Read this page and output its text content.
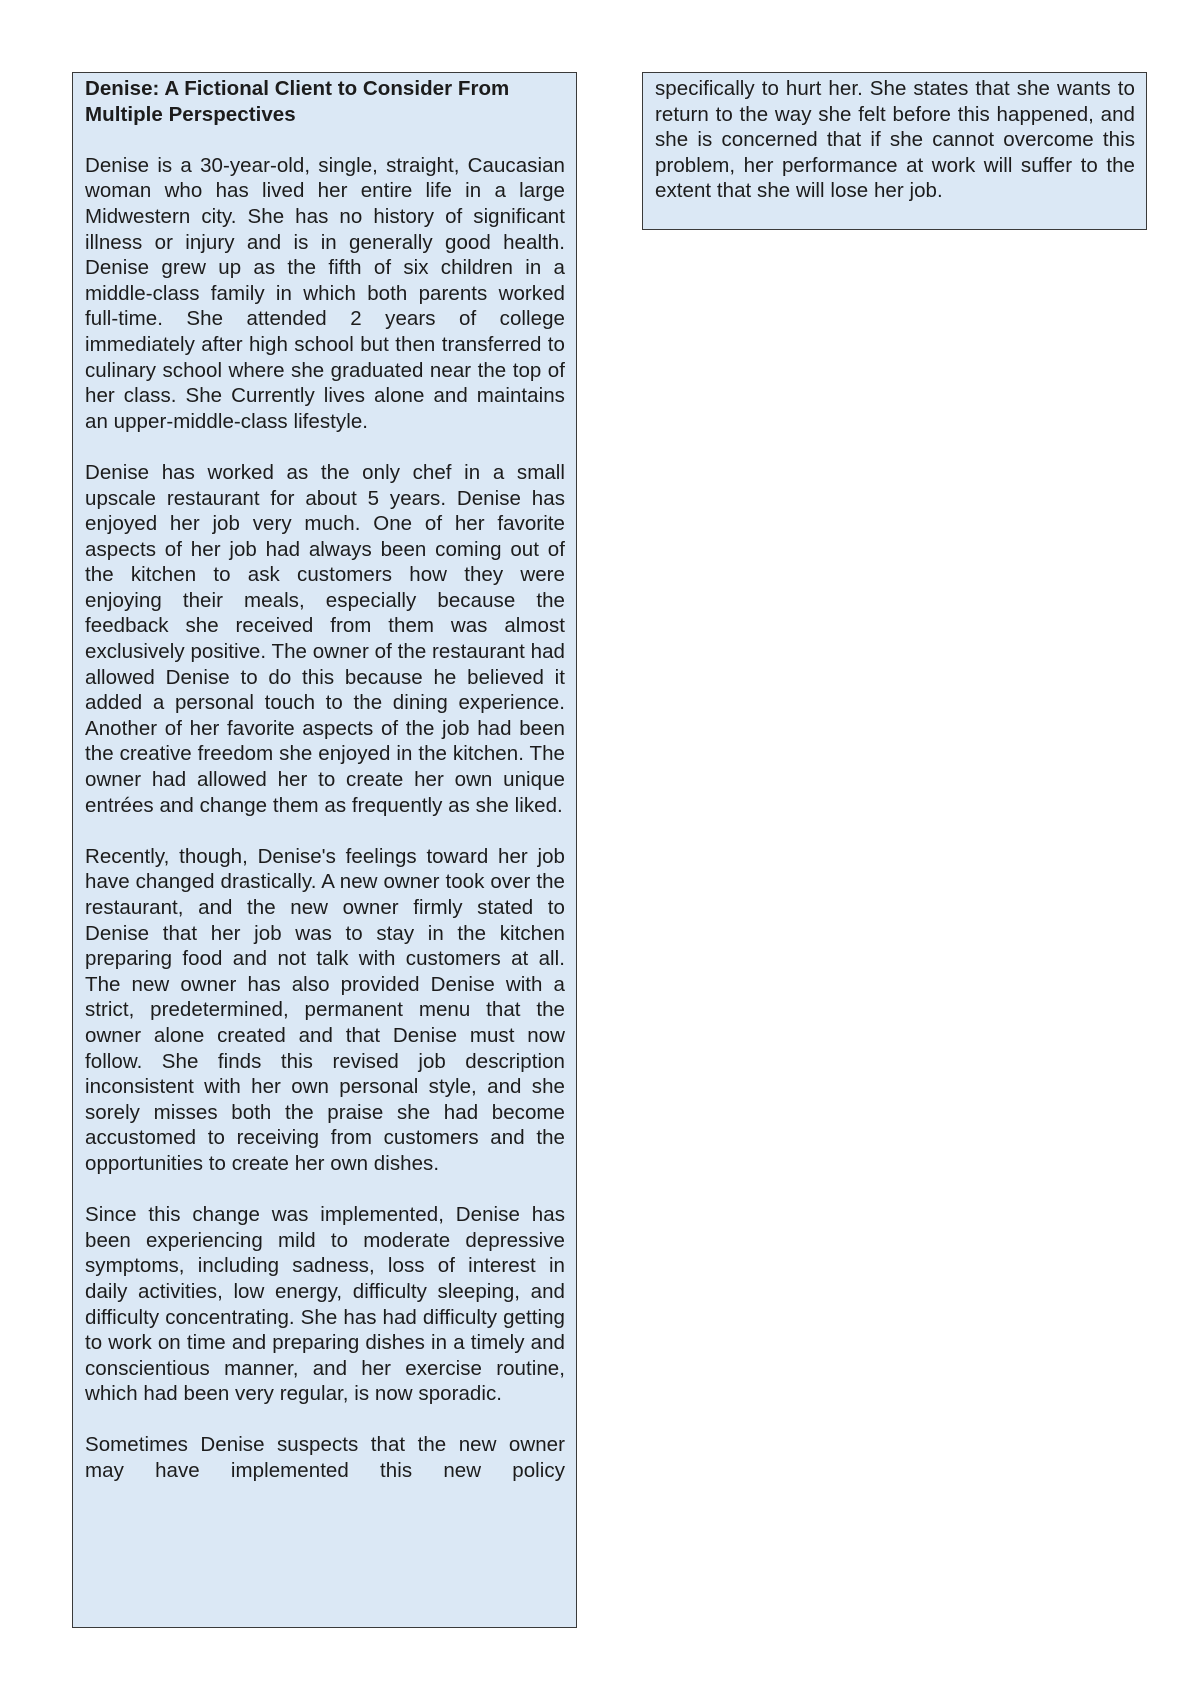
Denise: A Fictional Client to Consider From Multiple Perspectives
Denise is a 30-year-old, single, straight, Caucasian woman who has lived her entire life in a large Midwestern city. She has no history of significant illness or injury and is in generally good health. Denise grew up as the fifth of six children in a middle-class family in which both parents worked full-time. She attended 2 years of college immediately after high school but then transferred to culinary school where she graduated near the top of her class. She Currently lives alone and maintains an upper-middle-class lifestyle.
Denise has worked as the only chef in a small upscale restaurant for about 5 years. Denise has enjoyed her job very much. One of her favorite aspects of her job had always been coming out of the kitchen to ask customers how they were enjoying their meals, especially because the feedback she received from them was almost exclusively positive. The owner of the restaurant had allowed Denise to do this because he believed it added a personal touch to the dining experience. Another of her favorite aspects of the job had been the creative freedom she enjoyed in the kitchen. The owner had allowed her to create her own unique entrées and change them as frequently as she liked.
Recently, though, Denise's feelings toward her job have changed drastically. A new owner took over the restaurant, and the new owner firmly stated to Denise that her job was to stay in the kitchen preparing food and not talk with customers at all. The new owner has also provided Denise with a strict, predetermined, permanent menu that the owner alone created and that Denise must now follow. She finds this revised job description inconsistent with her own personal style, and she sorely misses both the praise she had become accustomed to receiving from customers and the opportunities to create her own dishes.
Since this change was implemented, Denise has been experiencing mild to moderate depressive symptoms, including sadness, loss of interest in daily activities, low energy, difficulty sleeping, and difficulty concentrating. She has had difficulty getting to work on time and preparing dishes in a timely and conscientious manner, and her exercise routine, which had been very regular, is now sporadic.
Sometimes Denise suspects that the new owner may have implemented this new policy
specifically to hurt her. She states that she wants to return to the way she felt before this happened, and she is concerned that if she cannot overcome this problem, her performance at work will suffer to the extent that she will lose her job.
